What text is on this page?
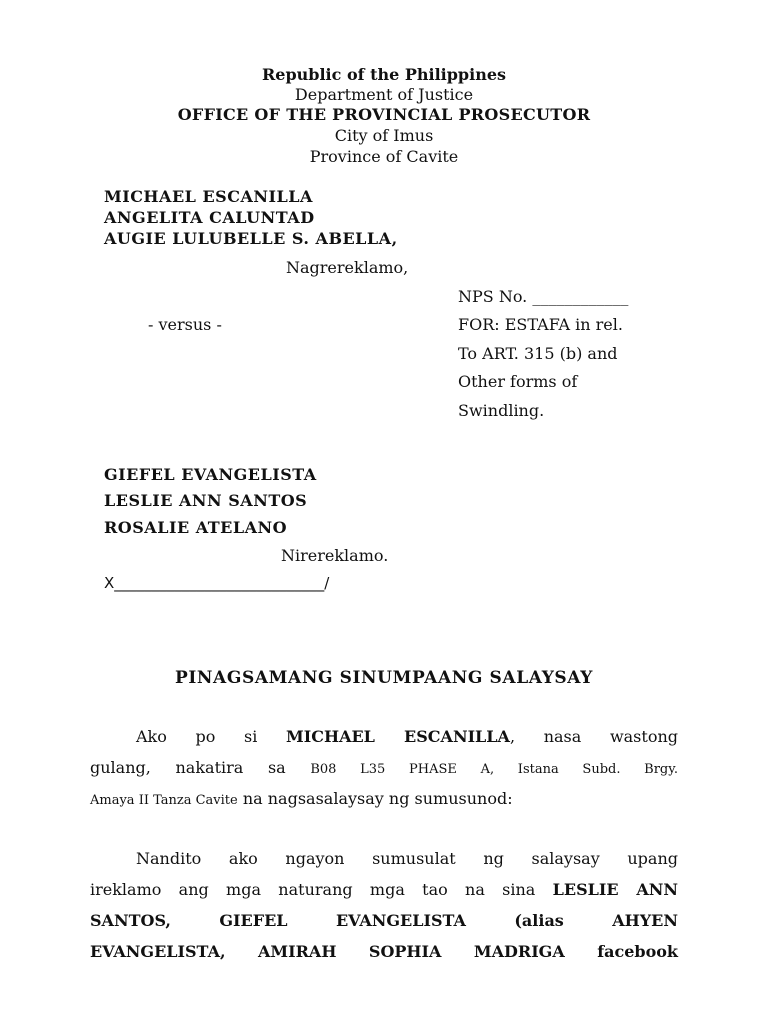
Republic of the Philippines
Department of Justice
OFFICE OF THE PROVINCIAL PROSECUTOR
City of Imus
Province of Cavite
MICHAEL ESCANILLA
ANGELITA CALUNTAD
AUGIE LULUBELLE S. ABELLA,
Nagrereklamo,
NPS No. ____________
- versus -	FOR: ESTAFA in rel.
To ART. 315 (b) and
Other forms of
Swindling.
GIEFEL EVANGELISTA
LESLIE ANN SANTOS
ROSALIE ATELANO
Nirereklamo.
X____________________________/
PINAGSAMANG SINUMPAANG SALAYSAY
Ako po si MICHAEL ESCANILLA, nasa wastong
gulang, nakatira sa B08 L35 PHASE A, Istana Subd. Brgy.
Amaya II Tanza Cavite na nagsasalaysay ng sumusunod:
Nandito ako ngayon sumusulat ng salaysay upang
ireklamo ang mga naturang mga tao na sina LESLIE ANN
SANTOS, GIEFEL EVANGELISTA (alias AHYEN
EVANGELISTA, AMIRAH SOPHIA MADRIGA facebook
